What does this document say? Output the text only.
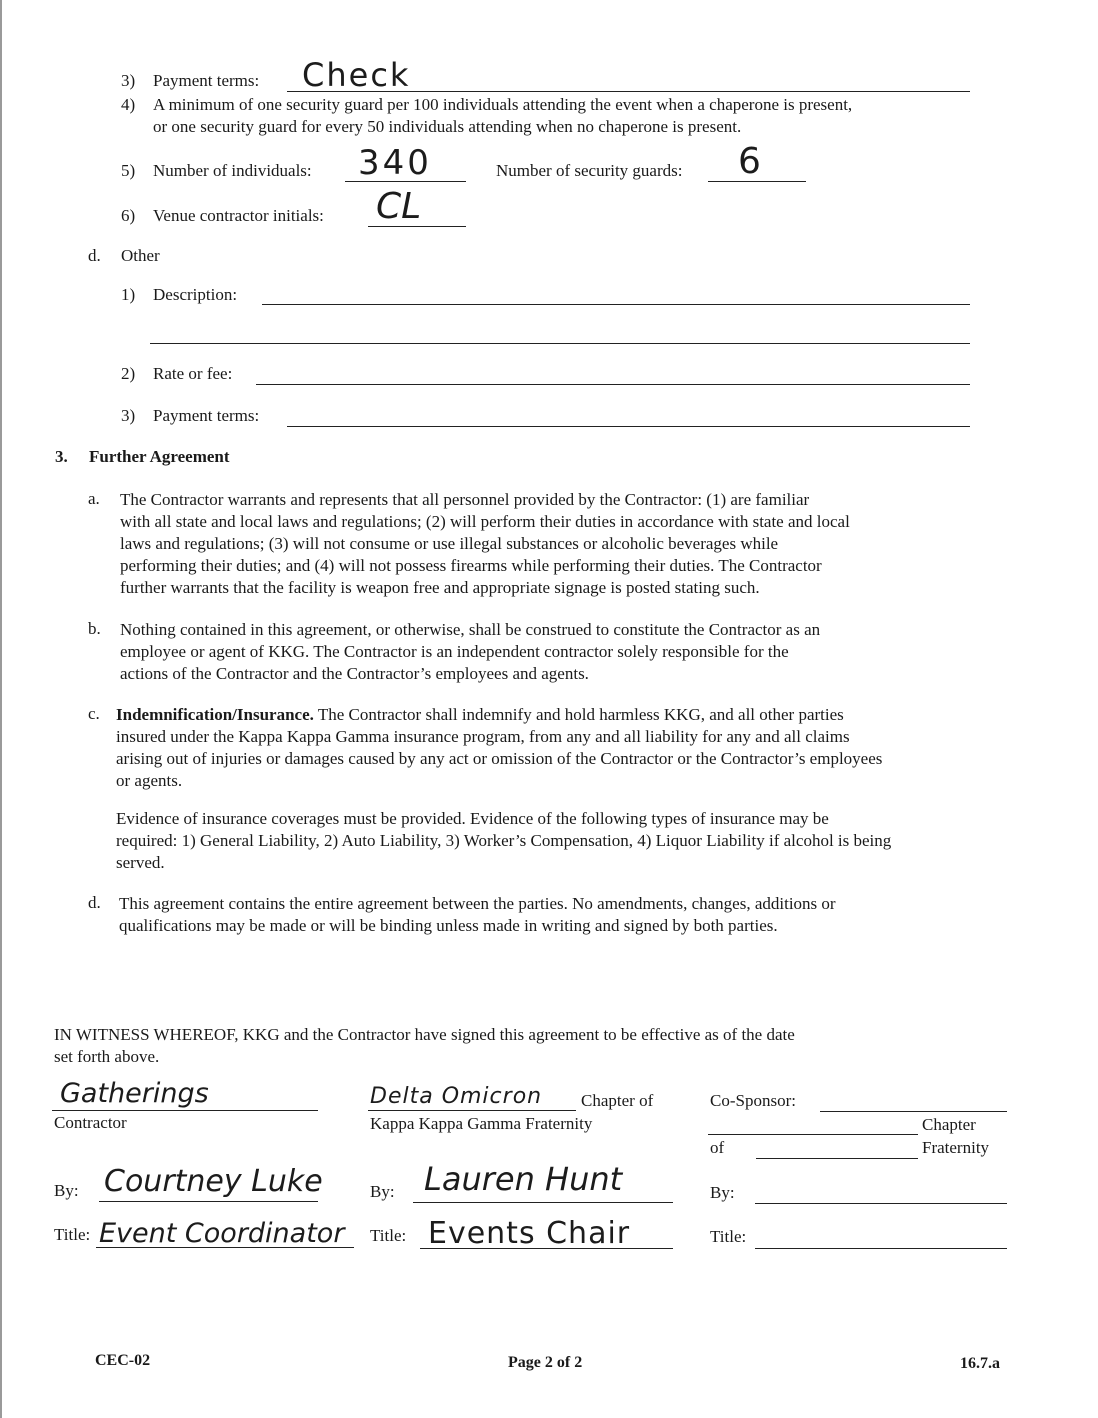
3) Payment terms: Check
4) A minimum of one security guard per 100 individuals attending the event when a chaperone is present,
or one security guard for every 50 individuals attending when no chaperone is present.
5) Number of individuals: 340	Number of security guards: 6
6) Venue contractor initials: CL
d. Other
1) Description:
2) Rate or fee:
3) Payment terms:
3. Further Agreement
a. The Contractor warrants and represents that all personnel provided by the Contractor: (1) are familiar

with all state and local laws and regulations; (2) will perform their duties in accordance with state and local

laws and regulations; (3) will not consume or use illegal substances or alcoholic beverages while

performing their duties; and (4) will not possess firearms while performing their duties. The Contractor

further warrants that the facility is weapon free and appropriate signage is posted stating such.

b. Nothing contained in this agreement, or otherwise, shall be construed to constitute the Contractor as an

employee or agent of KKG. The Contractor is an independent contractor solely responsible for the

actions of the Contractor and the Contractor’s employees and agents.

c. Indemnification/Insurance. The Contractor shall indemnify and hold harmless KKG, and all other parties

insured under the Kappa Kappa Gamma insurance program, from any and all liability for any and all claims

arising out of injuries or damages caused by any act or omission of the Contractor or the Contractor’s employees

or agents.

Evidence of insurance coverages must be provided. Evidence of the following types of insurance may be

required: 1) General Liability, 2) Auto Liability, 3) Worker’s Compensation, 4) Liquor Liability if alcohol is being

served.

d. This agreement contains the entire agreement between the parties. No amendments, changes, additions or

qualifications may be made or will be binding unless made in writing and signed by both parties.

IN WITNESS WHEREOF, KKG and the Contractor have signed this agreement to be effective as of the date

set forth above.

Gatherings
Contractor
By: Courtney Luke
Title: Event Coordinator
Delta Omicron Chapter of
Kappa Kappa Gamma Fraternity
By: Lauren Hunt
Title: Events Chair
Co-Sponsor:
Chapter
of	Fraternity
By:
Title:
CEC-02	Page 2 of 2	16.7.a
